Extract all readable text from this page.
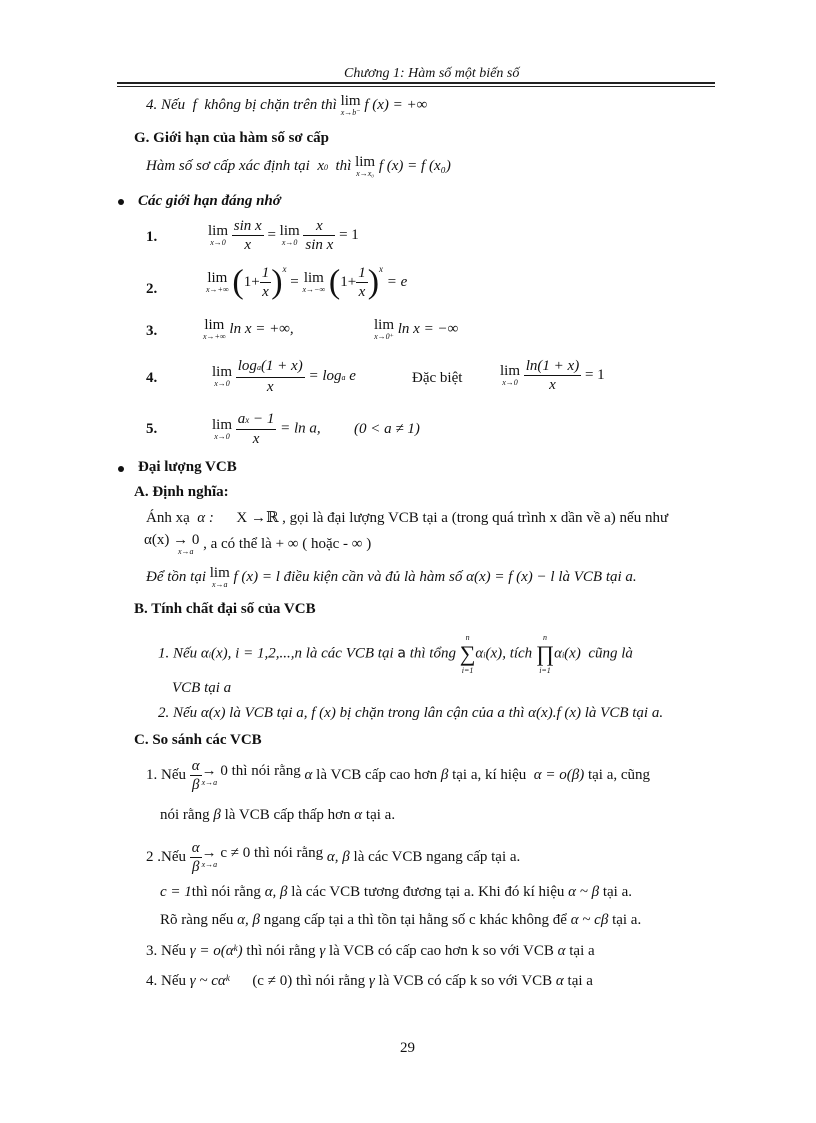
Chương 1: Hàm số một biến số
4. Nếu  f  không bị chặn trên thì lim
x→b⁻ f (x) = +∞
G. Giới hạn của hàm số sơ cấp
Hàm số sơ cấp xác định tại  x0 thì lim
x→x₀ f (x) = f (x₀)
Các giới hạn đáng nhớ
1.	lim
x→0
$\frac{\text{sin x}}{x} = \lim$
x→0
$\frac{x}{\text{sin x}} = 1$
2.
lim
x→+∞ $(1+ \frac{1}{x} )^x = \lim$
x→−∞ $(1+ \frac{1}{x} )^x = e$
3.	lim
x→+∞ ln x = +∞,	lim
x→0⁺ ln x = −∞
4.	lim
x→0
$\frac{\log a(1 + x)}{x} = \log a$ e	Đặc biệt	lim
x→0
$\frac{\ln(1 + x)}{x} = 1$
5.	lim
x→0
$\frac{ax - 1}{x} = \ln a$, (0 < a ≠ 1)
Đại lượng VCB
A. Định nghĩa:
Ánh xạ  α :      X →ℝ , gọi là đại lượng VCB tại a (trong quá trình x dần về a) nếu như
α(x) → 0
x→a , a có thể là + ∞ ( hoặc - ∞ )
Để tồn tại lim
x→a f (x) = l điều kiện cần và đủ là hàm số α(x) = f (x) − l là VCB tại a.
B. Tính chất đại số của VCB
1. Nếu αi(x), i = 1,2,...,n là các VCB tại a thì tổng
n
∑
i=1
αi(x), tích
n
∏
i=1
αi(x)  cũng là
VCB tại a
2. Nếu α(x) là VCB tại a, f (x) bị chặn trong lân cận của a thì α(x).f (x) là VCB tại a.
C. So sánh các VCB
1. Nếu $\frac{\alpha}{\beta} \to 0$ thì nói rằng
x→a	α là VCB cấp cao hơn β tại a, kí hiệu α = o(β) tại a, cũng
nói rằng β là VCB cấp thấp hơn α tại a.
2 .Nếu $\frac{\alpha}{\beta} \to c \ne 0$ thì nói rằng
x→a	α, β là các VCB ngang cấp tại a.
c = 1thì nói rằng α, β là các VCB tương đương tại a. Khi đó kí hiệu α ~ β tại a.
Rõ ràng nếu α, β ngang cấp tại a thì tồn tại hằng số c khác không để α ~ cβ tại a.
3. Nếu $\gamma = o(\alpha^k)$ thì nói rằng γ là VCB có cấp cao hơn k so với VCB α tại a
4. Nếu γ ~ $c\alpha^k$ (c ≠ 0) thì nói rằng γ là VCB có cấp k so với VCB α tại a
29
